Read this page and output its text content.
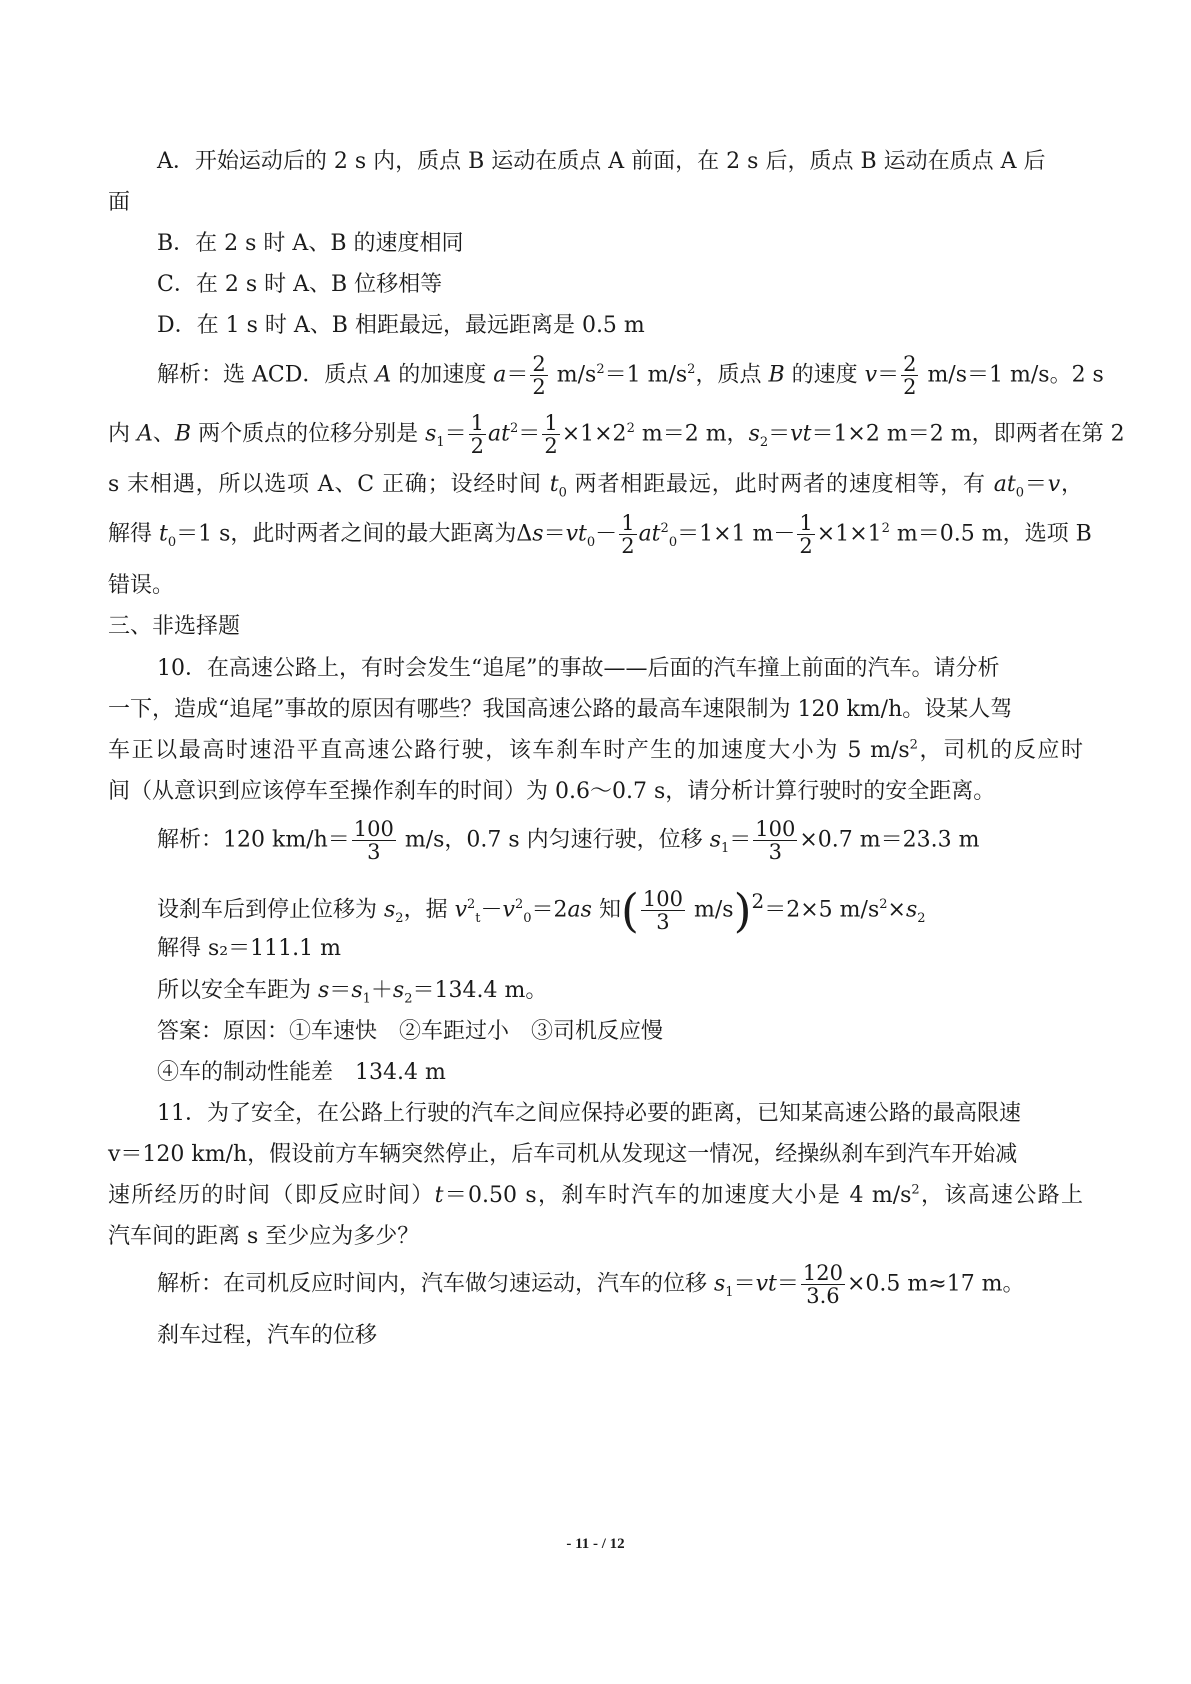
A．开始运动后的 2 s 内，质点 B 运动在质点 A 前面，在 2 s 后，质点 B 运动在质点 A 后
面
B．在 2 s 时 A、B 的速度相同
C．在 2 s 时 A、B 位移相等
D．在 1 s 时 A、B 相距最远，最远距离是 0.5 m
解析：选 ACD．质点 A 的加速度 $a= \frac{2}{2} m/s^2=1$ $m/s^2$，质点 B 的速度 $v= \frac{2}{2} m/s=1$ m/s。2 s
内 A、B 两个质点的位移分别是 $s_1= \frac{1}{2} at^2= \frac{1}{2} \times 1\times 2^2$ m＝2 m，$s_2=vt=1\times 2$ m＝2 m，即两者在第 2
s 末相遇，所以选项 A、C 正确；设经时间 $t_0$ 两者相距最远，此时两者的速度相等，有 $at_0=v$，
解得 $t_0=1$ s，此时两者之间的最大距离为$\Delta s=vt_0- \frac{1}{2} at^2_0=1\times 1$ $m- \frac{1}{2} \times 1\times 1^2$ m＝0.5 m，选项 B
错误。
三、非选择题
10．在高速公路上，有时会发生“追尾”的事故——后面的汽车撞上前面的汽车。请分析
一下，造成“追尾”事故的原因有哪些？我国高速公路的最高车速限制为 120 km/h。设某人驾
车正以最高时速沿平直高速公路行驶，该车刹车时产生的加速度大小为 5 $m/s^2$，司机的反应时
间（从意识到应该停车至操作刹车的时间）为 0.6～0.7 s，请分析计算行驶时的安全距离。
解析：120 $km/h= \frac{100}{3} m/s$，0.7 s 内匀速行驶，位移 $s_1= \frac{100}{3} \times 0.7$ m＝23.3 m
设刹车后到停止位移为 $s_2$，据 $v^2_t-v^2_0=2as$ 知( $\frac{100}{3} m/s)^2=2\times 5$ $m/s^2\times s_2$
解得 s₂＝111.1 m
所以安全车距为 $s=s_1+s_2=134.4$ m。
答案：原因：①车速快　②车距过小　③司机反应慢
④车的制动性能差　134.4 m
11．为了安全，在公路上行驶的汽车之间应保持必要的距离，已知某高速公路的最高限速
v＝120 km/h，假设前方车辆突然停止，后车司机从发现这一情况，经操纵刹车到汽车开始减
速所经历的时间（即反应时间）t＝0.50 s，刹车时汽车的加速度大小是 4 $m/s^2$，该高速公路上
汽车间的距离 s 至少应为多少？
解析：在司机反应时间内，汽车做匀速运动，汽车的位移 $s_1=vt= \frac{120}{3.6} \times 0.5$ m≈17 m。
刹车过程，汽车的位移
- 11 - / 12
